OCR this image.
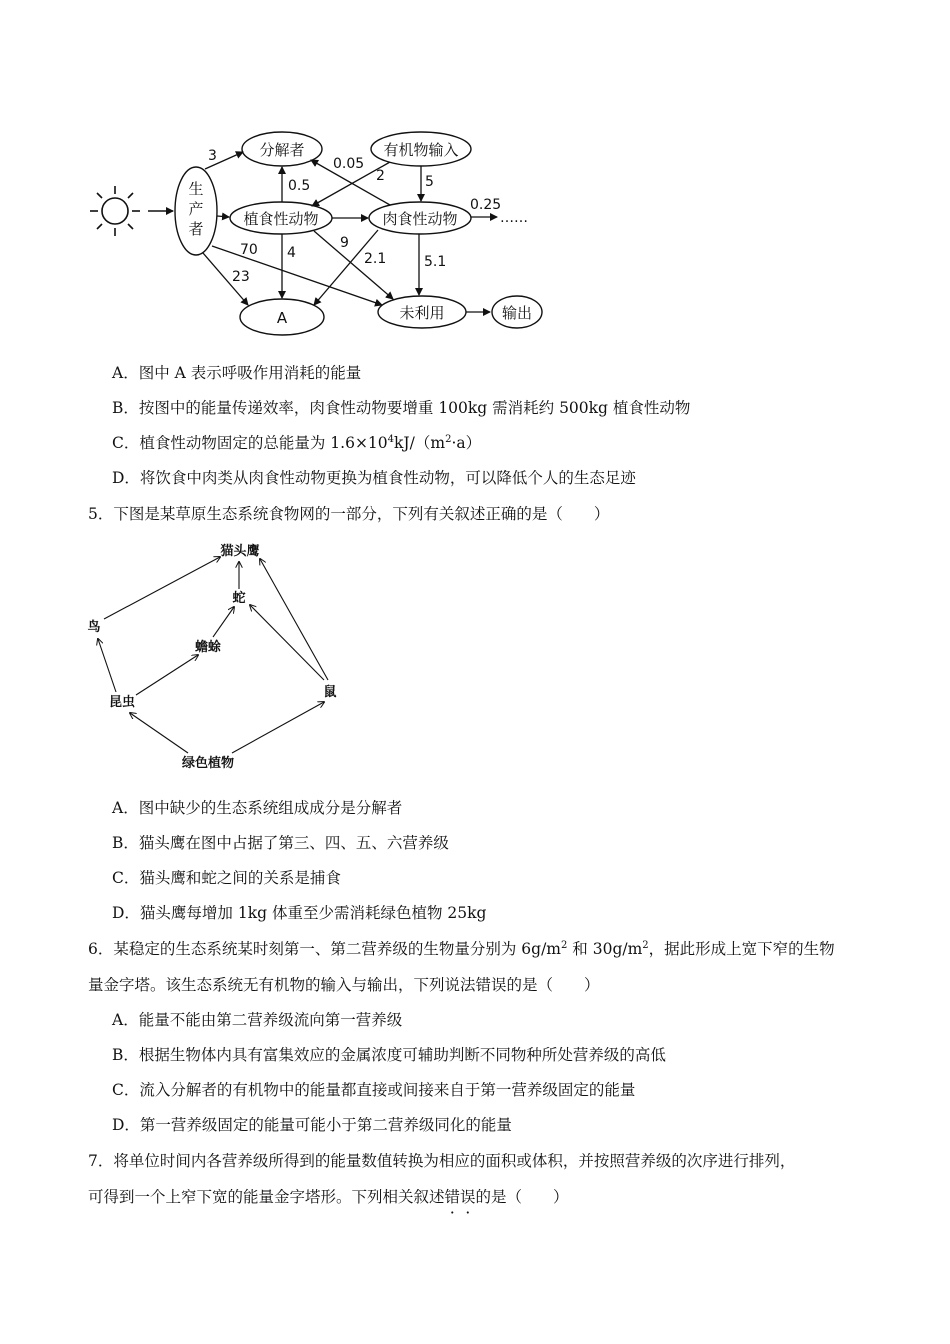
生产者
分解者	有机物输入
植食性动物	肉食性动物
A	未利用	输出
3
0.5
0.05
2	5
0.25
……
70
23
4
9
2.1	5.1
A．图中 A 表示呼吸作用消耗的能量
B．按图中的能量传递效率，肉食性动物要增重 100kg 需消耗约 500kg 植食性动物
C．植食性动物固定的总能量为 $1.6\times 10^4kJ/(m^2\cdot a)$
D．将饮食中肉类从肉食性动物更换为植食性动物，可以降低个人的生态足迹
5．下图是某草原生态系统食物网的一部分，下列有关叙述正确的是（　　）
猫头鹰
蛇
鸟
蟾蜍
昆虫
鼠
绿色植物
A．图中缺少的生态系统组成成分是分解者
B．猫头鹰在图中占据了第三、四、五、六营养级
C．猫头鹰和蛇之间的关系是捕食
D．猫头鹰每增加 1kg 体重至少需消耗绿色植物 25kg
6．某稳定的生态系统某时刻第一、第二营养级的生物量分别为 $6g/m^2$ 和 $30g/m^2$，据此形成上宽下窄的生物
量金字塔。该生态系统无有机物的输入与输出，下列说法错误的是（　　）
A．能量不能由第二营养级流向第一营养级
B．根据生物体内具有富集效应的金属浓度可辅助判断不同物种所处营养级的高低
C．流入分解者的有机物中的能量都直接或间接来自于第一营养级固定的能量
D．第一营养级固定的能量可能小于第二营养级同化的能量
7．将单位时间内各营养级所得到的能量数值转换为相应的面积或体积，并按照营养级的次序进行排列，
可得到一个上窄下宽的能量金字塔形。下列相关叙述错误的是（　　）
